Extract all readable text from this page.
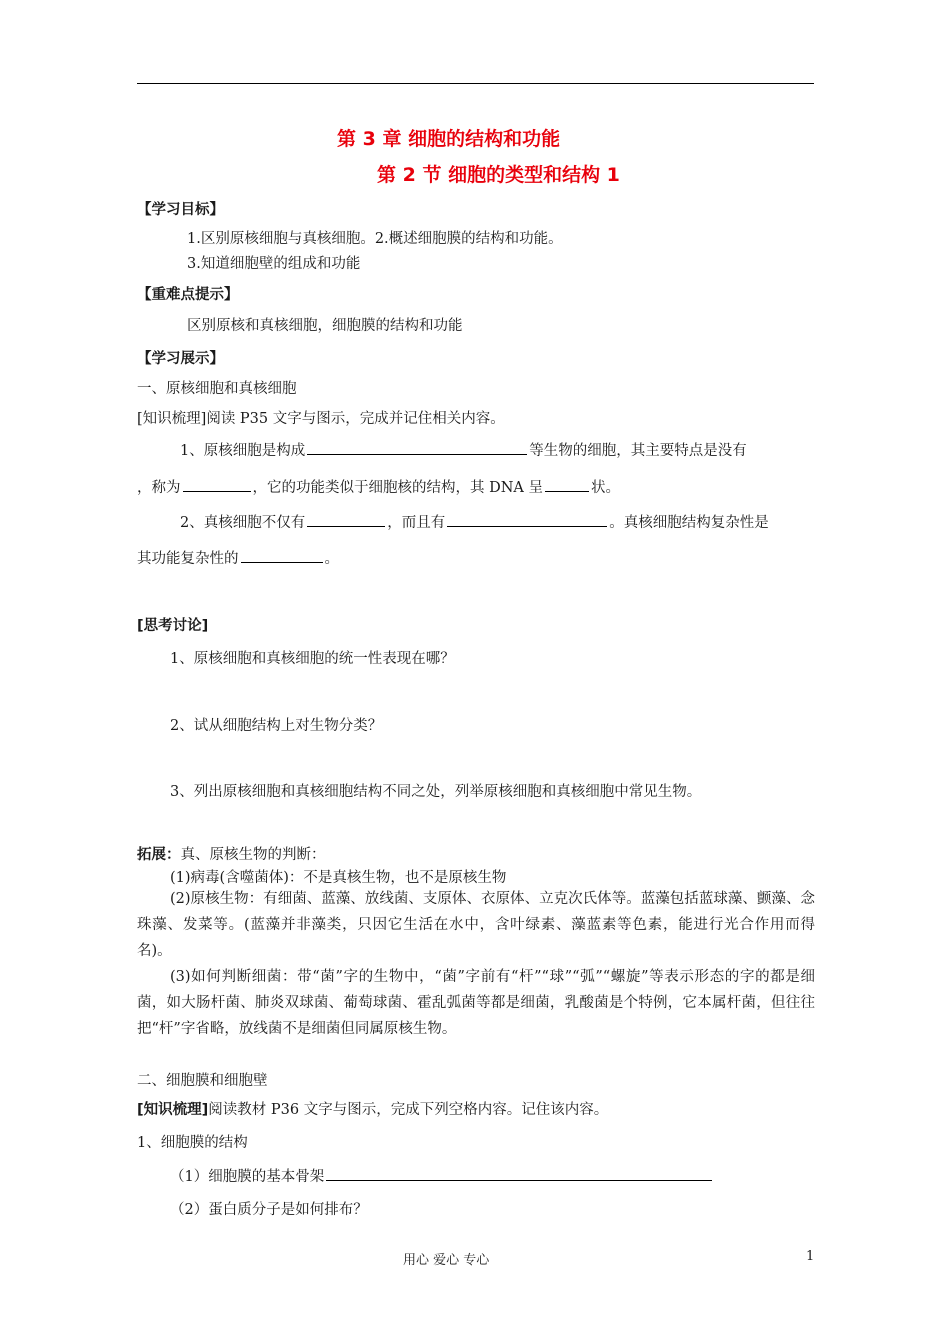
第 3 章 细胞的结构和功能
第 2 节 细胞的类型和结构 1
【学习目标】
1.区别原核细胞与真核细胞。2.概述细胞膜的结构和功能。
3.知道细胞壁的组成和功能
【重难点提示】
区别原核和真核细胞，细胞膜的结构和功能
【学习展示】
一、原核细胞和真核细胞
[知识梳理]阅读 P35 文字与图示，完成并记住相关内容。
1、原核细胞是构成	等生物的细胞，其主要特点是没有
，称为	，它的功能类似于细胞核的结构，其 DNA 呈	状。
2、真核细胞不仅有	，而且有	。真核细胞结构复杂性是
其功能复杂性的	。
[思考讨论]
1、原核细胞和真核细胞的统一性表现在哪？
2、试从细胞结构上对生物分类？
3、列出原核细胞和真核细胞结构不同之处，列举原核细胞和真核细胞中常见生物。
拓展：真、原核生物的判断：
(1)病毒(含噬菌体)：不是真核生物，也不是原核生物
(2)原核生物：有细菌、蓝藻、放线菌、支原体、衣原体、立克次氏体等。蓝藻包括蓝球藻、颤藻、念珠藻、发菜等。(蓝藻并非藻类，只因它生活在水中，含叶绿素、藻蓝素等色素，能进行光合作用而得名)。
(3)如何判断细菌：带“菌”字的生物中，“菌”字前有“杆”“球”“弧”“螺旋”等表示形态的字的都是细菌，如大肠杆菌、肺炎双球菌、葡萄球菌、霍乱弧菌等都是细菌，乳酸菌是个特例，它本属杆菌，但往往把“杆”字省略，放线菌不是细菌但同属原核生物。
二、细胞膜和细胞壁
[知识梳理]阅读教材 P36 文字与图示，完成下列空格内容。记住该内容。
1、细胞膜的结构
（1）细胞膜的基本骨架
（2）蛋白质分子是如何排布？
用心 爱心 专心	1
